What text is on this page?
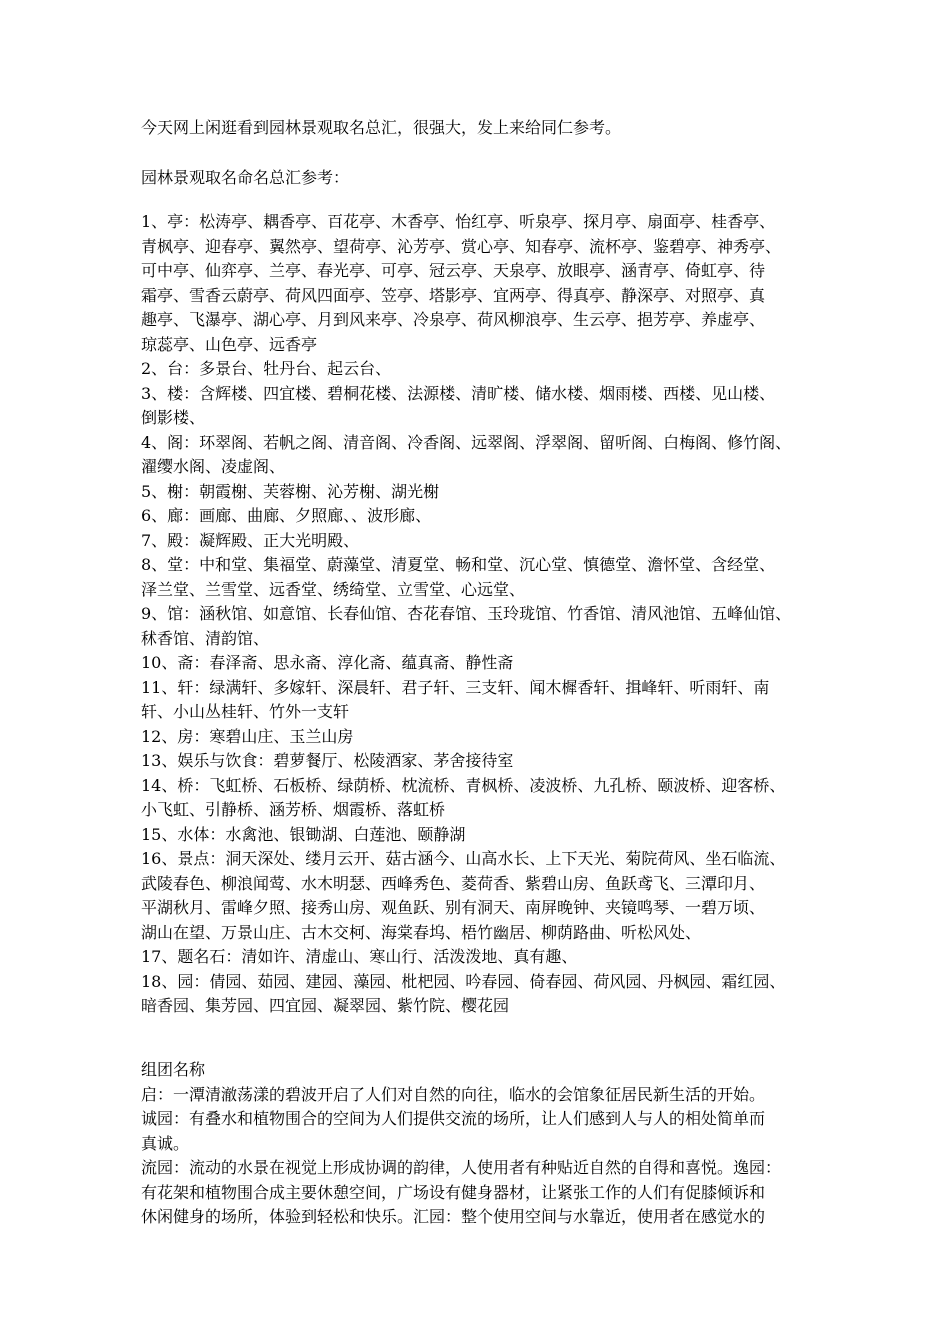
今天网上闲逛看到园林景观取名总汇，很强大，发上来给同仁参考。
园林景观取名命名总汇参考：
1、亭：松涛亭、耦香亭、百花亭、木香亭、怡红亭、听泉亭、探月亭、扇面亭、桂香亭、
青枫亭、迎春亭、翼然亭、望荷亭、沁芳亭、赏心亭、知春亭、流杯亭、鉴碧亭、神秀亭、
可中亭、仙弈亭、兰亭、春光亭、可亭、冠云亭、天泉亭、放眼亭、涵青亭、倚虹亭、待
霜亭、雪香云蔚亭、荷风四面亭、笠亭、塔影亭、宜两亭、得真亭、静深亭、对照亭、真
趣亭、飞瀑亭、湖心亭、月到风来亭、冷泉亭、荷风柳浪亭、生云亭、挹芳亭、养虚亭、
琼蕊亭、山色亭、远香亭
2、台：多景台、牡丹台、起云台、
3、楼：含辉楼、四宜楼、碧桐花楼、法源楼、清旷楼、储水楼、烟雨楼、西楼、见山楼、
倒影楼、
4、阁：环翠阁、若帆之阁、清音阁、冷香阁、远翠阁、浮翠阁、留听阁、白梅阁、修竹阁、
濯缨水阁、凌虚阁、
5、榭：朝霞榭、芙蓉榭、沁芳榭、湖光榭
6、廊：画廊、曲廊、夕照廊、、波形廊、
7、殿：凝辉殿、正大光明殿、
8、堂：中和堂、集福堂、蔚藻堂、清夏堂、畅和堂、沉心堂、慎德堂、澹怀堂、含经堂、
泽兰堂、兰雪堂、远香堂、绣绮堂、立雪堂、心远堂、
9、馆：涵秋馆、如意馆、长春仙馆、杏花春馆、玉玲珑馆、竹香馆、清风池馆、五峰仙馆、
秫香馆、清韵馆、
10、斋：春泽斋、思永斋、淳化斋、蕴真斋、静性斋
11、轩：绿满轩、多嫁轩、深晨轩、君子轩、三支轩、闻木樨香轩、揖峰轩、听雨轩、南
轩、小山丛桂轩、竹外一支轩
12、房：寒碧山庄、玉兰山房
13、娱乐与饮食：碧萝餐厅、松陵酒家、茅舍接待室
14、桥：飞虹桥、石板桥、绿荫桥、枕流桥、青枫桥、凌波桥、九孔桥、颐波桥、迎客桥、
小飞虹、引静桥、涵芳桥、烟霞桥、落虹桥
15、水体：水禽池、银锄湖、白莲池、颐静湖
16、景点：洞天深处、缕月云开、菇古涵今、山高水长、上下天光、菊院荷风、坐石临流、
武陵春色、柳浪闻莺、水木明瑟、西峰秀色、菱荷香、紫碧山房、鱼跃鸢飞、三潭印月、
平湖秋月、雷峰夕照、接秀山房、观鱼跃、别有洞天、南屏晚钟、夹镜鸣琴、一碧万顷、
湖山在望、万景山庄、古木交柯、海棠春坞、梧竹幽居、柳荫路曲、听松风处、
17、题名石：清如许、清虚山、寒山行、活泼泼地、真有趣、
18、园：倩园、茹园、建园、藻园、枇杷园、吟春园、倚春园、荷风园、丹枫园、霜红园、
暗香园、集芳园、四宜园、凝翠园、紫竹院、樱花园
组团名称
启：一潭清澈荡漾的碧波开启了人们对自然的向往，临水的会馆象征居民新生活的开始。
诚园：有叠水和植物围合的空间为人们提供交流的场所，让人们感到人与人的相处简单而
真诚。
流园：流动的水景在视觉上形成协调的韵律，人使用者有种贴近自然的自得和喜悦。逸园：
有花架和植物围合成主要休憩空间，广场设有健身器材，让紧张工作的人们有促膝倾诉和
休闲健身的场所，体验到轻松和快乐。汇园：整个使用空间与水靠近，使用者在感觉水的
